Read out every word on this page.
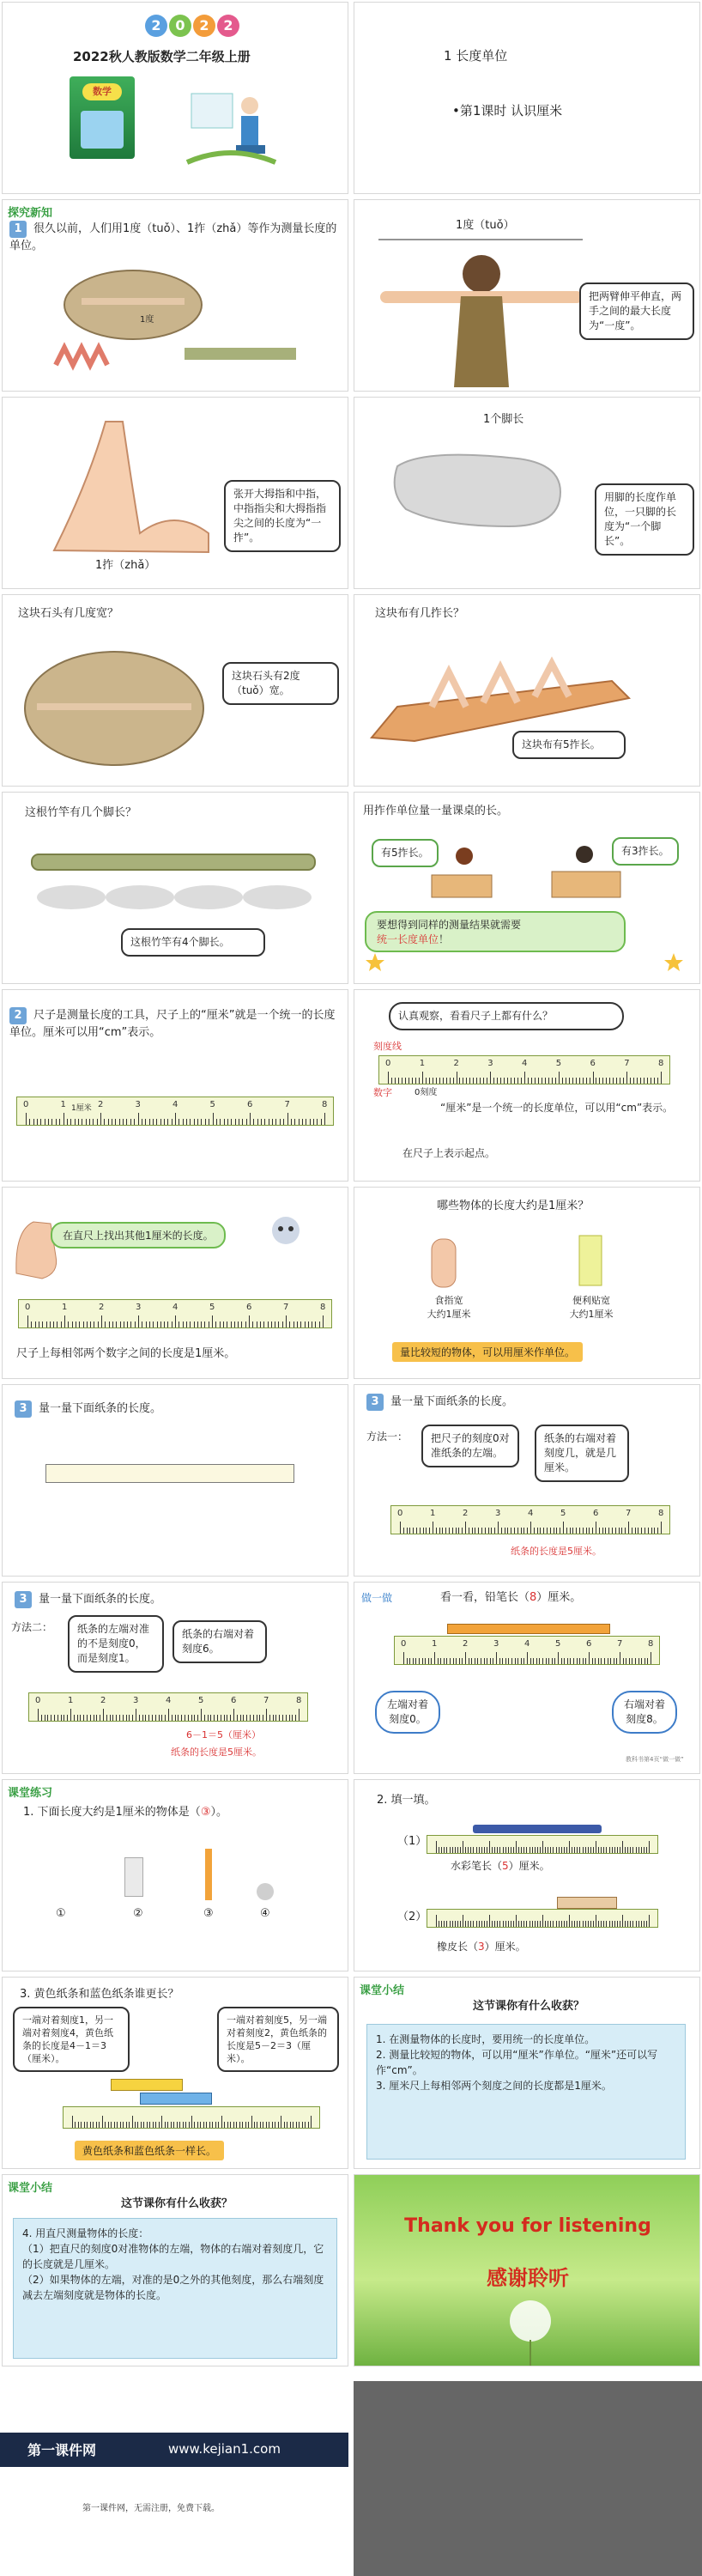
2	0	2	2
2022秋人教版数学二年级上册
数学
1 长度单位
•第1课时 认识厘米
探究新知
1 很久以前，人们用1度（tuǒ）、1拃（zhǎ）等作为测量长度的单位。
1度
1度（tuǒ）
把两臂伸平伸直，两手之间的最大长度为“一度”。
1拃（zhǎ）
张开大拇指和中指，中指指尖和大拇指指尖之间的长度为“一拃”。
1个脚长
用脚的长度作单位，一只脚的长度为“一个脚长”。
这块石头有几度宽？
这块石头有2度（tuǒ）宽。
这块布有几拃长？
这块布有5拃长。
这根竹竿有几个脚长？
这根竹竿有4个脚长。
用拃作单位量一量课桌的长。
有5拃长。	有3拃长。
要想得到同样的测量结果就需要
统一长度单位！
2 尺子是测量长度的工具，尺子上的“厘米”就是一个统一的长度单位。厘米可以用“cm”表示。
0	1	2	3	4	5	6	7	8
1厘米
认真观察，看看尺子上都有什么？
刻度线
0	1	2	3	4	5	6	7	8
数字	0刻度
“厘米”是一个统一的长度单位，可以用“cm”表示。
在尺子上表示起点。
在直尺上找出其他1厘米的长度。
0	1	2	3	4	5	6	7	8
尺子上每相邻两个数字之间的长度是1厘米。
哪些物体的长度大约是1厘米？
食指宽
大约1厘米
便利贴宽
大约1厘米
量比较短的物体，可以用厘米作单位。
3 量一量下面纸条的长度。
3 量一量下面纸条的长度。
方法一：	把尺子的刻度0对准纸条的左端。
纸条的右端对着刻度几，就是几厘米。
0	1	2	3	4	5	6	7	8
纸条的长度是5厘米。
3 量一量下面纸条的长度。
方法二：	纸条的左端对准的不是刻度0，而是刻度1。
纸条的右端对着刻度6。
0	1	2	3	4	5	6	7	8
6－1＝5（厘米）
纸条的长度是5厘米。
做一做	看一看，铅笔长（8）厘米。
0	1	2	3	4	5	6	7	8
左端对着刻度0。
右端对着刻度8。
教科书第4页“做一做”
课堂练习
1. 下面长度大约是1厘米的物体是（③）。
①	②	③	④
2. 填一填。
（1）
水彩笔长（5）厘米。
（2）
橡皮长（3）厘米。
3. 黄色纸条和蓝色纸条谁更长？
一端对着刻度1，另一端对着刻度4，黄色纸条的长度是4－1＝3（厘米）。
一端对着刻度5，另一端对着刻度2，黄色纸条的长度是5－2＝3（厘米）。
黄色纸条和蓝色纸条一样长。
课堂小结
这节课你有什么收获？
1. 在测量物体的长度时，要用统一的长度单位。
2. 测量比较短的物体，可以用“厘米”作单位。“厘米”还可以写作“cm”。
3. 厘米尺上每相邻两个刻度之间的长度都是1厘米。
课堂小结
这节课你有什么收获？
4. 用直尺测量物体的长度：
（1）把直尺的刻度0对准物体的左端，物体的右端对着刻度几，它的长度就是几厘米。
（2）如果物体的左端，对准的是0之外的其他刻度，那么右端刻度减去左端刻度就是物体的长度。
Thank you for listening
感谢聆听
第一课件网	www.kejian1.com
第一课件网，无需注册，免费下载。
